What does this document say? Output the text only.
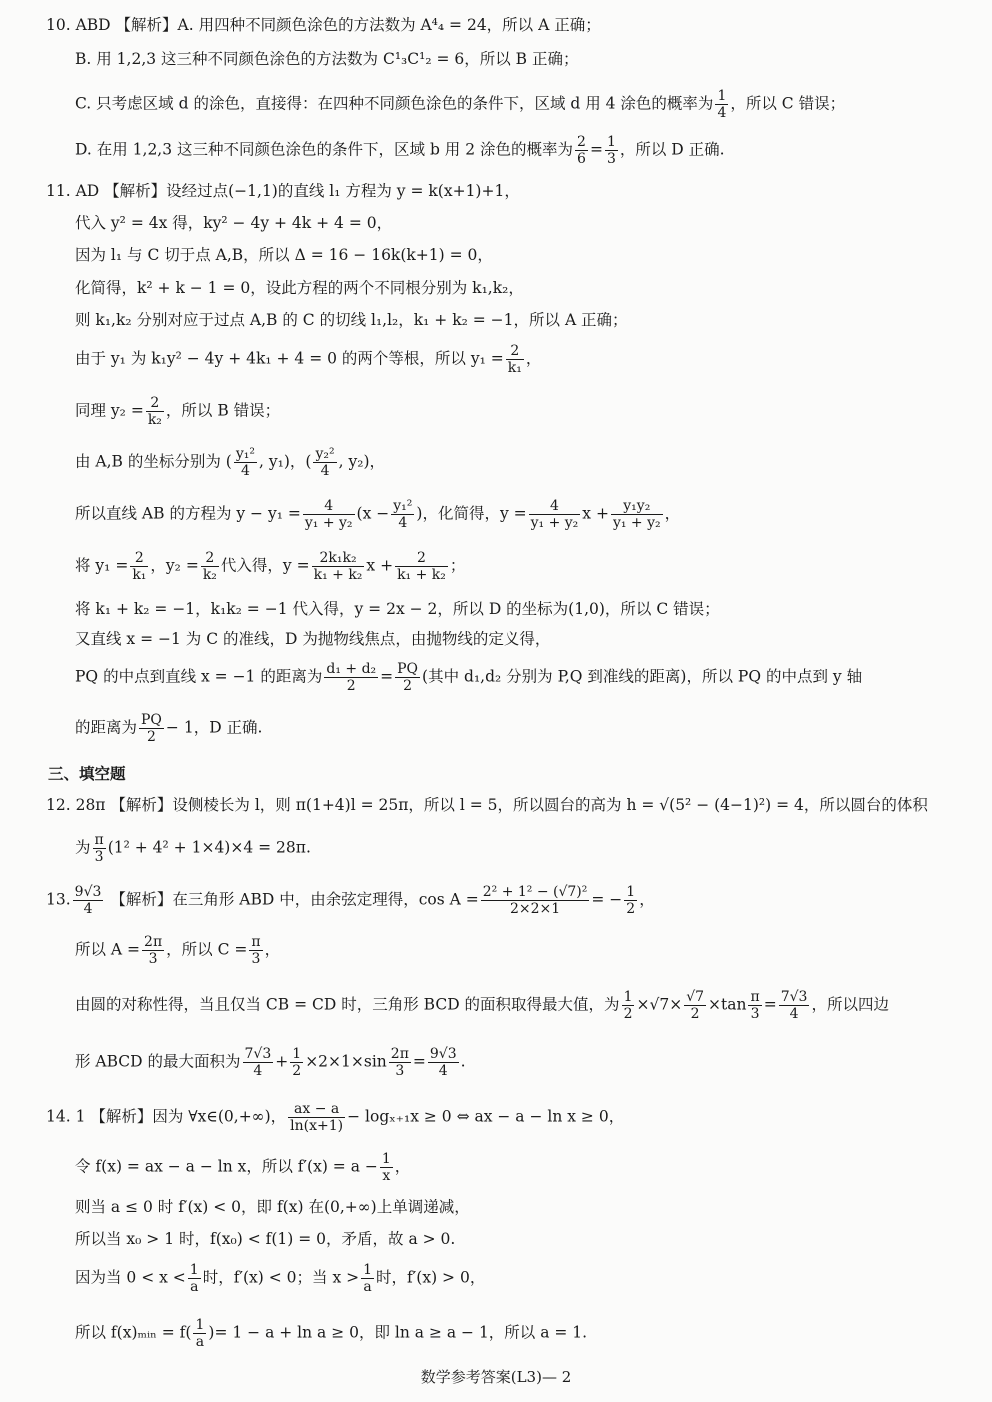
10. ABD 【解析】A. 用四种不同颜色涂色的方法数为 A⁴₄ = 24，所以 A 正确；
B. 用 1,2,3 这三种不同颜色涂色的方法数为 C¹₃C¹₂ = 6，所以 B 正确；
C. 只考虑区域 d 的涂色，直接得：在四种不同颜色涂色的条件下，区域 d 用 4 涂色的概率为 $\frac{1}{4}$ ，所以 C 错误；
D. 在用 1,2,3 这三种不同颜色涂色的条件下，区域 b 用 2 涂色的概率为 $\frac{2}{6} = \frac{1}{3}$ ，所以 D 正确.
11. AD 【解析】设经过点(−1,1)的直线 l₁ 方程为 y = k(x+1)+1，
代入 y² = 4x 得，ky² − 4y + 4k + 4 = 0，
因为 l₁ 与 C 切于点 A,B，所以 Δ = 16 − 16k(k+1) = 0，
化简得，k² + k − 1 = 0，设此方程的两个不同根分别为 k₁,k₂，
则 k₁,k₂ 分别对应于过点 A,B 的 C 的切线 l₁,l₂，k₁ + k₂ = −1，所以 A 正确；
由于 y₁ 为 k₁y² − 4y + 4k₁ + 4 = 0 的两个等根，所以 $y_1 = \frac{2}{\text{k₁}}$ ，
同理 $y_2 = \frac{2}{\text{k₂}}$ ，所以 B 错误；
由 A,B 的坐标分别为 ( $\frac{\text{y₁²}}{4}$ , y₁)，( $\frac{\text{y₂²}}{4}$ , y₂)，
所以直线 AB 的方程为 $y - y_1 = \frac{4}{\text{y₁ + y₂}} (x - \frac{\text{y₁²}}{4}$ )，化简得，$y = \frac{4}{\text{y₁ + y₂}}$ $x + \frac{\text{y₁y₂}}{\text{y₁ + y₂}}$ ，
将 $y_1 = \frac{2}{\text{k₁}}$ ，$y_2 = \frac{2}{\text{k₂}}$ 代入得，$y = \frac{\text{2k₁k₂}}{\text{k₁ + k₂}}$ $x + \frac{2}{\text{k₁ + k₂}}$ ；
将 k₁ + k₂ = −1，k₁k₂ = −1 代入得，y = 2x − 2，所以 D 的坐标为(1,0)，所以 C 错误；
又直线 x = −1 为 C 的准线，D 为抛物线焦点，由抛物线的定义得，
PQ 的中点到直线 x = −1 的距离为 $\frac{\text{d₁ + d₂}}{2} = \frac{PQ}{2}$ (其中 d₁,d₂ 分别为 P,Q 到准线的距离)，所以 PQ 的中点到 y 轴
的距离为 $\frac{PQ}{2} - 1$，D 正确.
三、填空题
12. 28π 【解析】设侧棱长为 l，则 π(1+4)l = 25π，所以 l = 5，所以圆台的高为 h = √(5² − (4−1)²) = 4，所以圆台的体积
为 $\frac{\pi}{3} (1^2 + 4^2 + 1\times 4)\times 4 = 28\pi$.
13. $\frac{9√3}{4}$ 【解析】在三角形 ABD 中，由余弦定理得，$\cos A = \frac{\text{2² + 1² − (√7)²}}{2\times 2\times 1}$ = − $\frac{1}{2}$ ，
所以 $A = \frac{2\pi}{3}$ ，所以 $C = \frac{\pi}{3}$ ，
由圆的对称性得，当且仅当 CB = CD 时，三角形 BCD 的面积取得最大值，为 $\frac{1}{2} \times√7\times \frac{√7}{2} \times\tan \frac{\pi}{3} = \frac{7√3}{4}$ ，所以四边
形 ABCD 的最大面积为 $\frac{7√3}{4} + \frac{1}{2} \times 2\times 1\times\sin \frac{2\pi}{3} = \frac{9√3}{4}$ .
14. 1 【解析】因为 ∀x∈(0,+∞)， $\frac{ax - a}{\ln(x+1)} - \log_{x+1}x \ge 0$ ⇔ ax − a − ln x ≥ 0，
令 f(x) = ax − a − ln x，所以 $f'(x) = a - \frac{1}{x}$ ，
则当 a ≤ 0 时 f′(x) < 0，即 f(x) 在(0,+∞)上单调递减，
所以当 x₀ > 1 时，f(x₀) < f(1) = 0，矛盾，故 a > 0.
因为当 $0 < x < \frac{1}{a}$ 时，f′(x) < 0；当 $x > \frac{1}{a}$ 时，f′(x) > 0，
所以 f(x)ₘᵢₙ = $f( \frac{1}{a}$ )= 1 − a + ln a ≥ 0，即 ln a ≥ a − 1，所以 a = 1.
数学参考答案(L3)— 2
